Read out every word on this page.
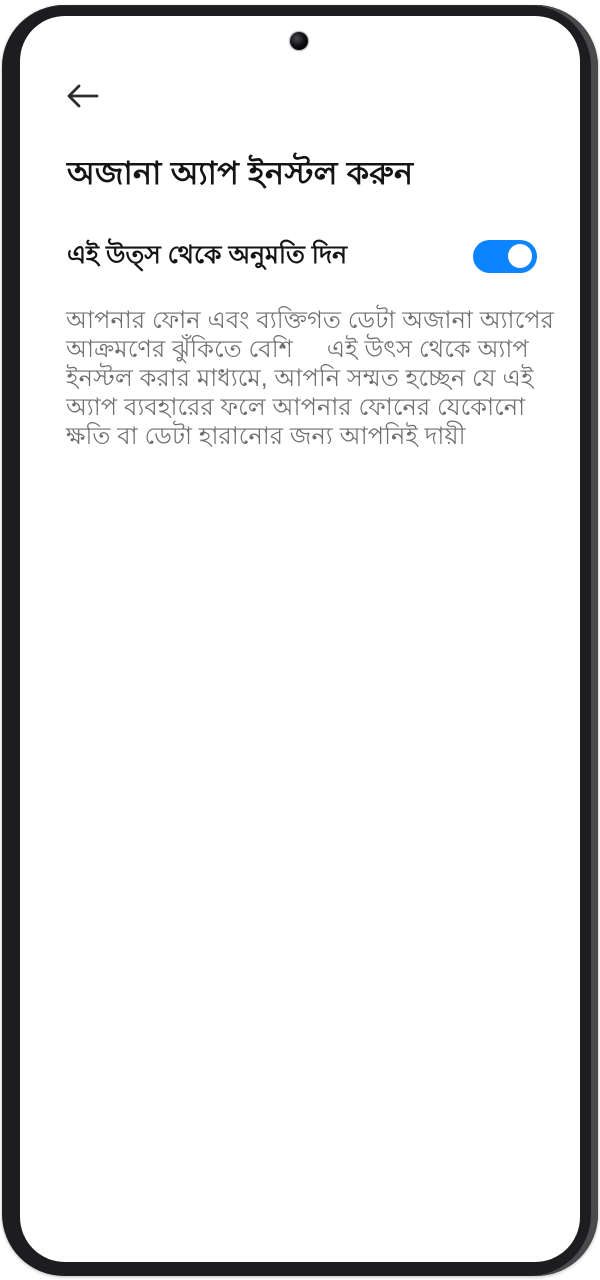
অজানা অ্যাপ ইনস্টল করুন
এই উত্স থেকে অনুমতি দিন
আপনার ফোন এবং ব্যক্তিগত ডেটা অজানা অ্যাপের
আক্রমণের ঝুঁকিতে বেশি     এই উৎস থেকে অ্যাপ
ইনস্টল করার মাধ্যমে, আপনি সম্মত হচ্ছেন যে এই
অ্যাপ ব্যবহারের ফলে আপনার ফোনের যেকোনো
ক্ষতি বা ডেটা হারানোর জন্য আপনিই দায়ী
